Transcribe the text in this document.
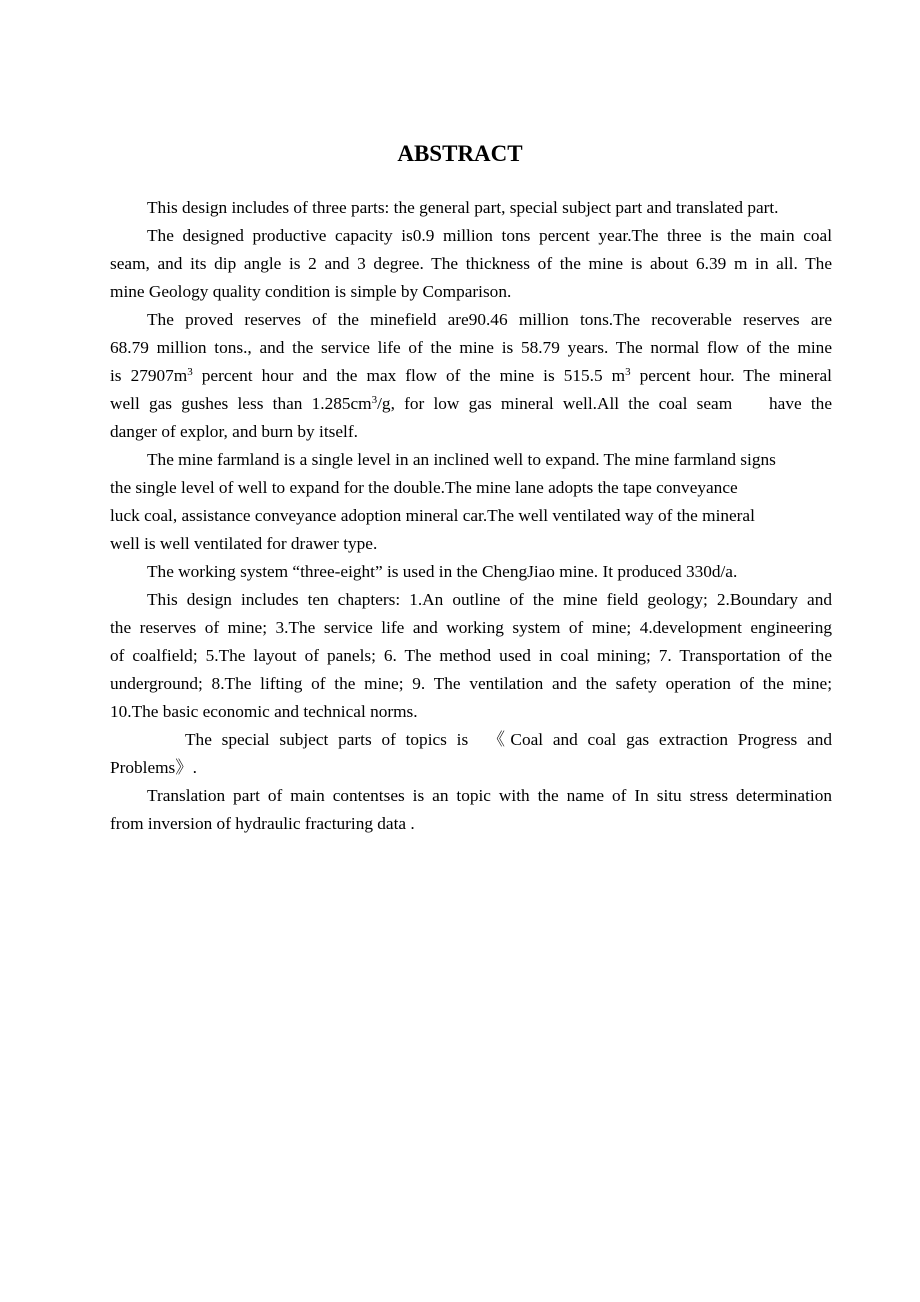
ABSTRACT
This design includes of three parts: the general part, special subject part and translated part.
The designed productive capacity is0.9 million tons percent year.The three is the main coal
seam, and its dip angle is 2 and 3 degree. The thickness of the mine is about 6.39 m in all. The
mine Geology quality condition is simple by Comparison.
The proved reserves of the minefield are90.46 million tons.The recoverable reserves are
68.79 million tons., and the service life of the mine is 58.79 years. The normal flow of the mine
is $27907m^3$ percent hour and the max flow of the mine is 515.5 $m^3$ percent hour. The mineral
well gas gushes less than $1.285cm^3/g$, for low gas mineral well.All the coal seam    have the
danger of explor, and burn by itself.
The mine farmland is a single level in an inclined well to expand. The mine farmland signs
the single level of well to expand for the double.The mine lane adopts the tape conveyance
luck coal, assistance conveyance adoption mineral car.The well ventilated way of the mineral
well is well ventilated for drawer type.
The working system “three-eight” is used in the ChengJiao mine. It produced 330d/a.
This design includes ten chapters: 1.An outline of the mine field geology; 2.Boundary and
the reserves of mine; 3.The service life and working system of mine; 4.development engineering
of coalfield; 5.The layout of panels; 6. The method used in coal mining; 7. Transportation of the
underground; 8.The lifting of the mine; 9. The ventilation and the safety operation of the mine;
10.The basic economic and technical norms.
The special subject parts of topics is  《Coal and coal gas extraction Progress and
Problems》.
Translation part of main contentses is an topic with the name of In situ stress determination
from inversion of hydraulic fracturing data .
